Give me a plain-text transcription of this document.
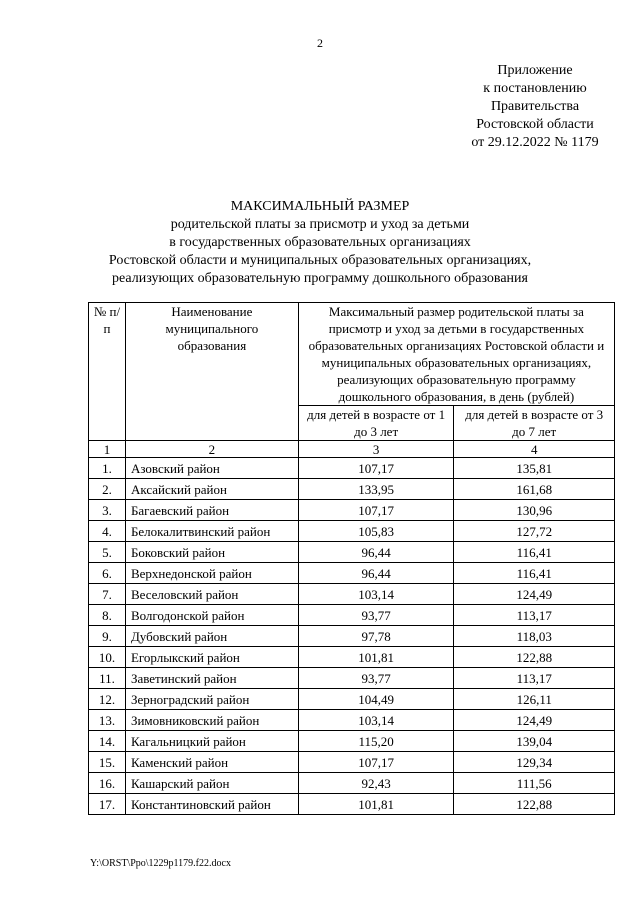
2
Приложение
к постановлению
Правительства
Ростовской области
от 29.12.2022 № 1179
МАКСИМАЛЬНЫЙ РАЗМЕР
родительской платы за присмотр и уход за детьми
в государственных образовательных организациях
Ростовской области и муниципальных образовательных организациях,
реализующих образовательную программу дошкольного образования
№ п/п	Наименование муниципального образования	Максимальный размер родительской платы за присмотр и уход за детьми в государственных образовательных организациях Ростовской области и муниципальных образовательных организациях, реализующих образовательную программу дошкольного образования, в день (рублей)	
		для детей в возрасте от 1 до 3 лет	для детей в возрасте от 3 до 7 лет
1	2	3	4
1.	Азовский район	107,17	135,81
2.	Аксайский район	133,95	161,68
3.	Багаевский район	107,17	130,96
4.	Белокалитвинский район	105,83	127,72
5.	Боковский район	96,44	116,41
6.	Верхнедонской район	96,44	116,41
7.	Веселовский район	103,14	124,49
8.	Волгодонской район	93,77	113,17
9.	Дубовский район	97,78	118,03
10.	Егорлыкский район	101,81	122,88
11.	Заветинский район	93,77	113,17
12.	Зерноградский район	104,49	126,11
13.	Зимовниковский район	103,14	124,49
14.	Кагальницкий район	115,20	139,04
15.	Каменский район	107,17	129,34
16.	Кашарский район	92,43	111,56
17.	Константиновский район	101,81	122,88
Y:\ORST\Ppo\1229p1179.f22.docx
